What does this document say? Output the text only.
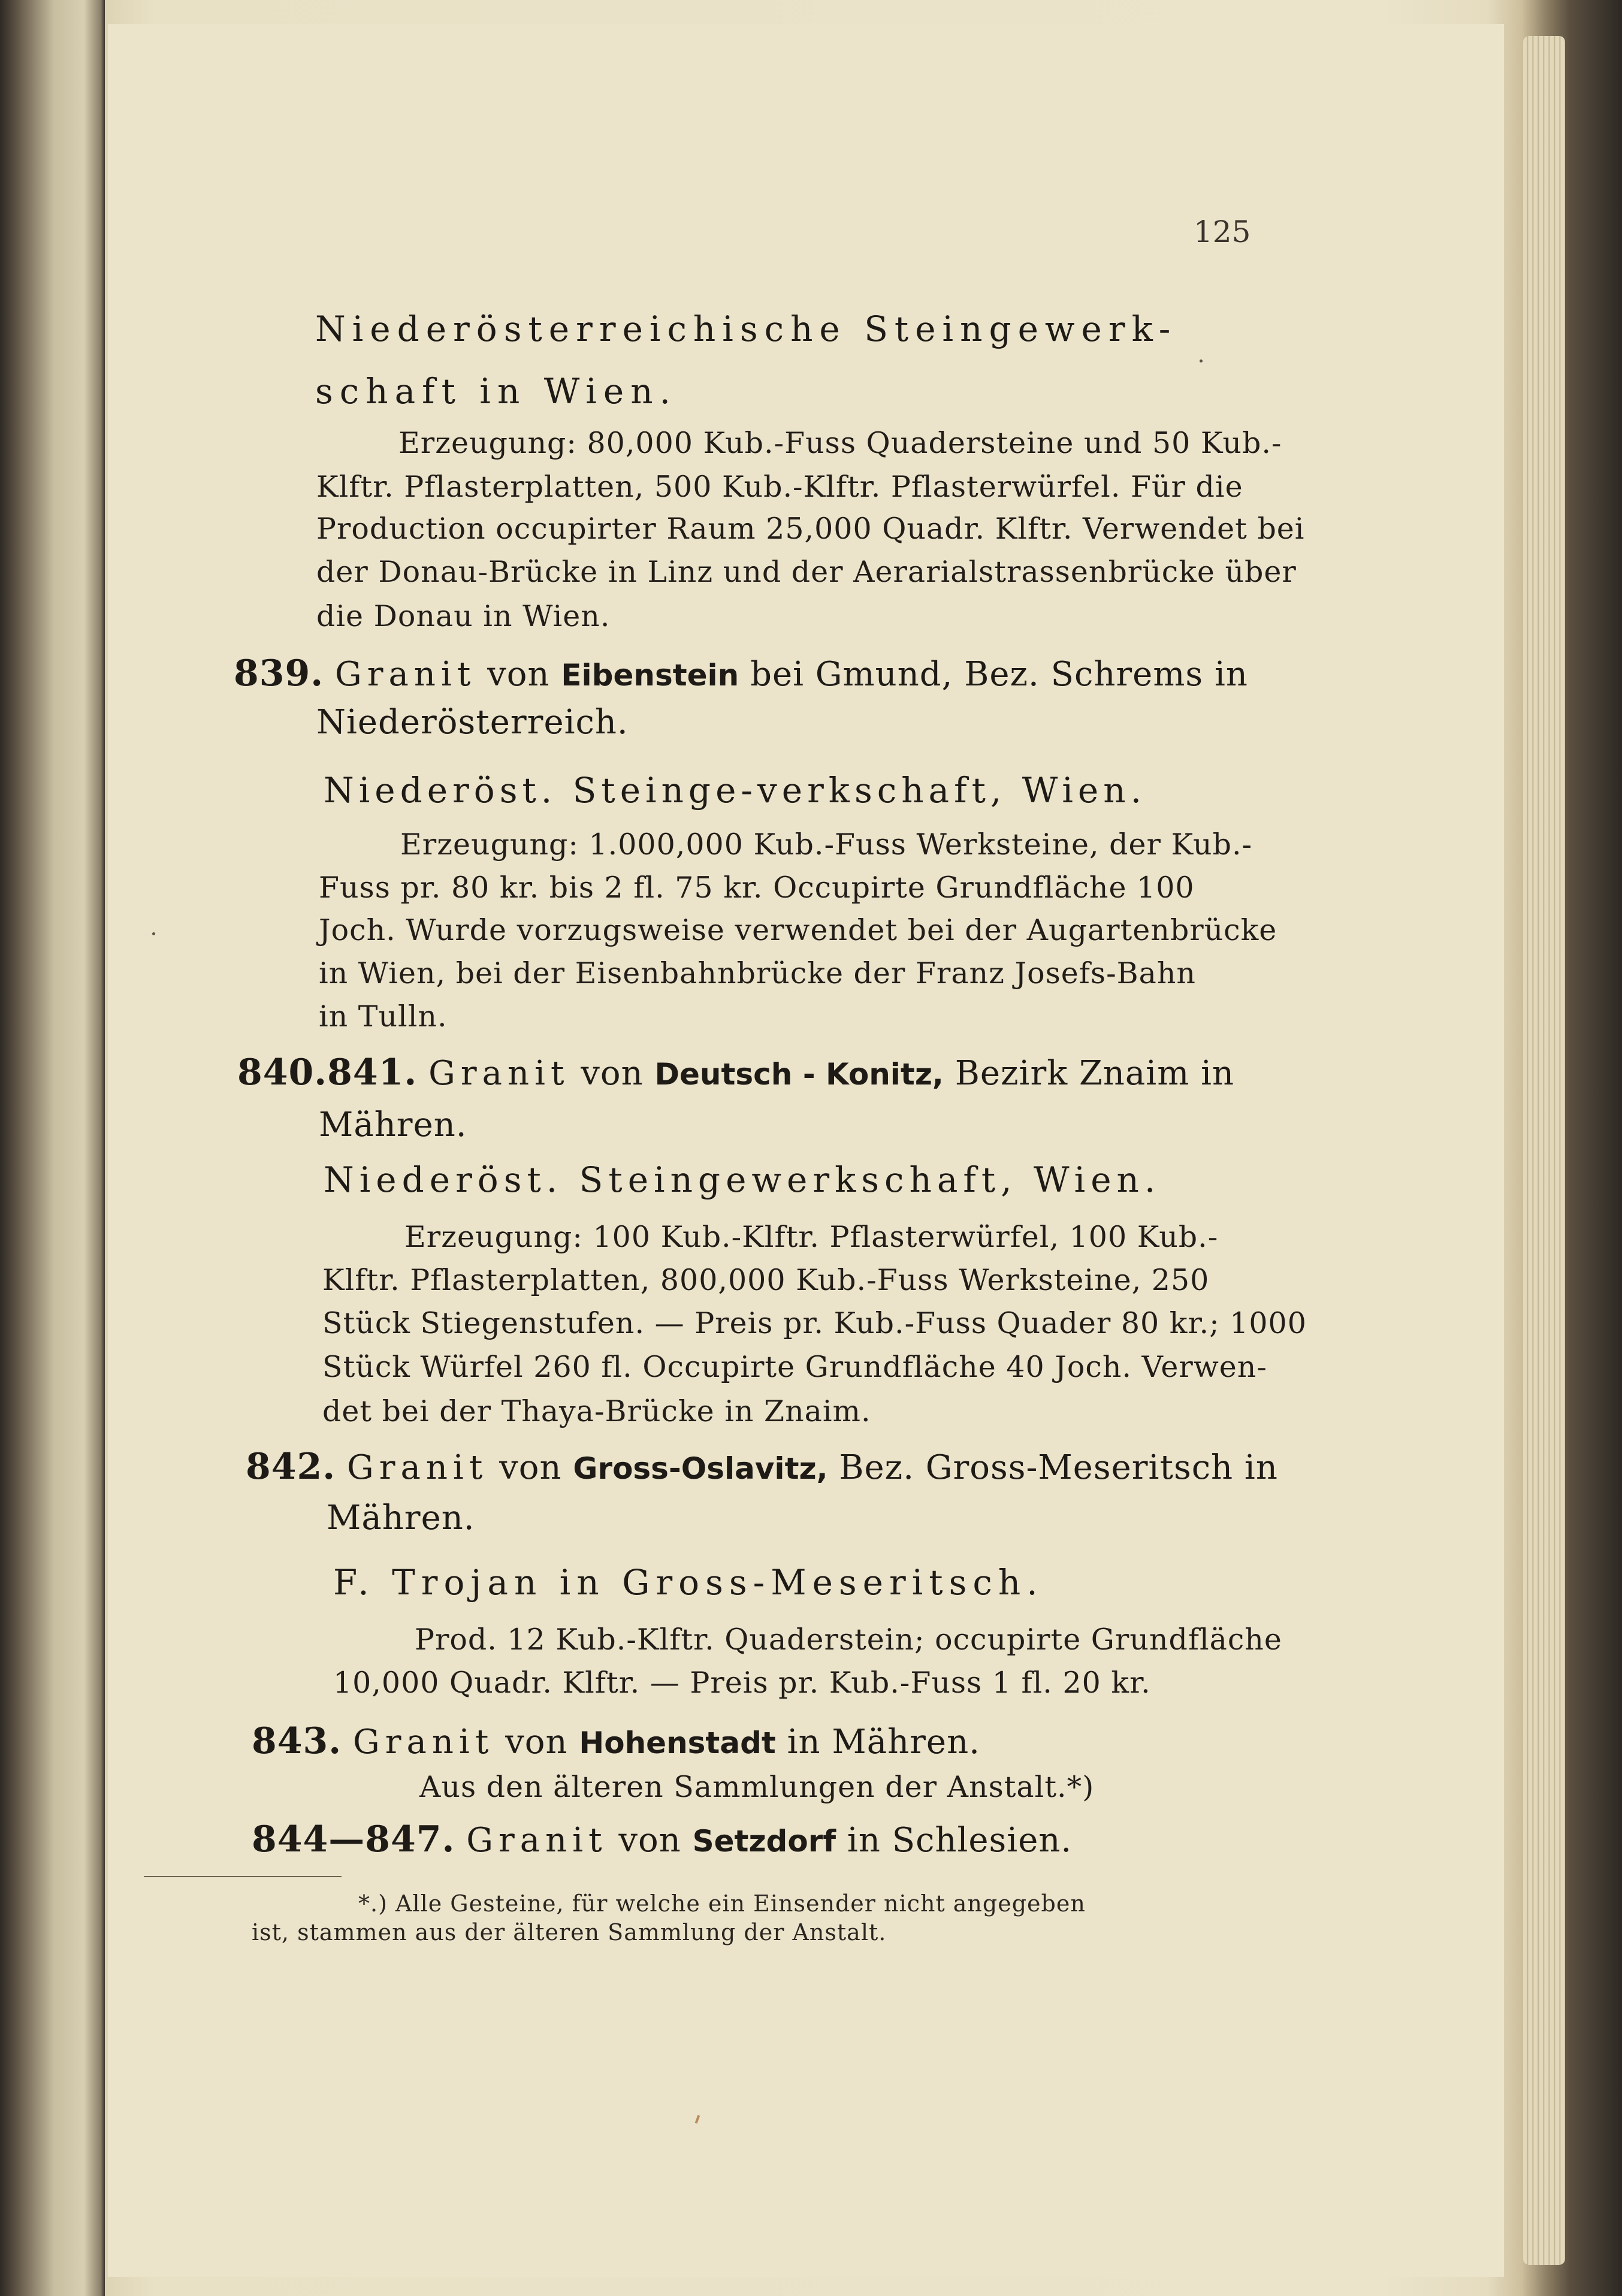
125
Niederösterreichische Steingewerk-
schaft in Wien.
Erzeugung: 80,000 Kub.-Fuss Quadersteine und 50 Kub.-
Klftr. Pflasterplatten, 500 Kub.-Klftr. Pflasterwürfel. Für die
Production occupirter Raum 25,000 Quadr. Klftr. Verwendet bei
der Donau-Brücke in Linz und der Aerarialstrassenbrücke über
die Donau in Wien.
839. Granit von Eibenstein bei Gmund, Bez. Schrems in
Niederösterreich.
Niederöst. Steinge‑verkschaft, Wien.
Erzeugung: 1.000,000 Kub.-Fuss Werksteine, der Kub.-
Fuss pr. 80 kr. bis 2 fl. 75 kr. Occupirte Grundfläche 100
Joch. Wurde vorzugsweise verwendet bei der Augartenbrücke
in Wien, bei der Eisenbahnbrücke der Franz Josefs-Bahn
in Tulln.
840.841. Granit von Deutsch - Konitz, Bezirk Znaim in
Mähren.
Niederöst. Steingewerkschaft, Wien.
Erzeugung: 100 Kub.-Klftr. Pflasterwürfel, 100 Kub.-
Klftr. Pflasterplatten, 800,000 Kub.-Fuss Werksteine, 250
Stück Stiegenstufen. — Preis pr. Kub.-Fuss Quader 80 kr.; 1000
Stück Würfel 260 fl. Occupirte Grundfläche 40 Joch. Verwen-
det bei der Thaya-Brücke in Znaim.
842. Granit von Gross-Oslavitz, Bez. Gross-Meseritsch in
Mähren.
F. Trojan in Gross-Meseritsch.
Prod. 12 Kub.-Klftr. Quaderstein; occupirte Grundfläche
10,000 Quadr. Klftr. — Preis pr. Kub.-Fuss 1 fl. 20 kr.
843. Granit von Hohenstadt in Mähren.
Aus den älteren Sammlungen der Anstalt.*)
844—847. Granit von Setzdorf in Schlesien.
*.) Alle Gesteine, für welche ein Einsender nicht angegeben
ist, stammen aus der älteren Sammlung der Anstalt.
